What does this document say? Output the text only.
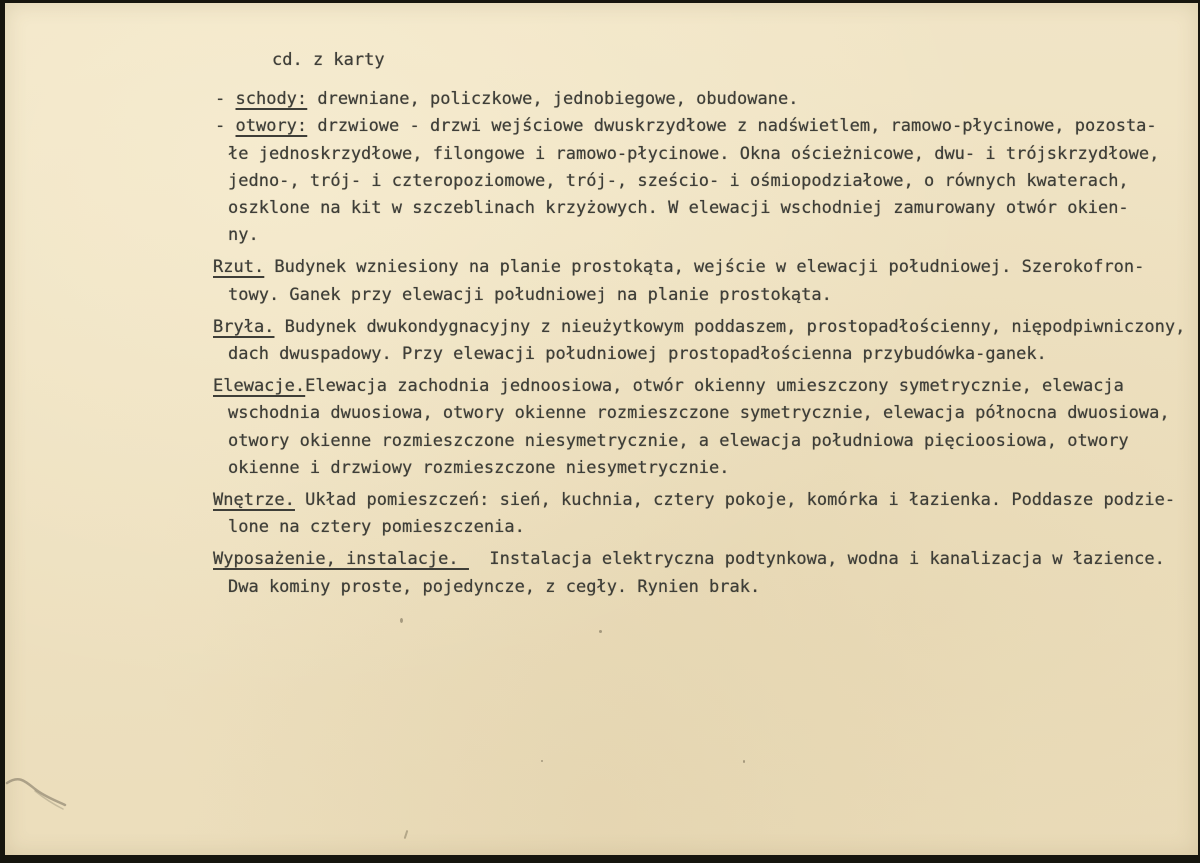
cd. z karty
- schody: drewniane, policzkowe, jednobiegowe, obudowane.
- otwory: drzwiowe - drzwi wejściowe dwuskrzydłowe z nadświetlem, ramowo-płycinowe, pozosta-
łe jednoskrzydłowe, filongowe i ramowo-płycinowe. Okna ościeżnicowe, dwu- i trójskrzydłowe,
jedno-, trój- i czteropoziomowe, trój-, sześcio- i ośmiopodziałowe, o równych kwaterach,
oszklone na kit w szczeblinach krzyżowych. W elewacji wschodniej zamurowany otwór okien-
ny.
Rzut. Budynek wzniesiony na planie prostokąta, wejście w elewacji południowej. Szerokofron-
towy. Ganek przy elewacji południowej na planie prostokąta.
Bryła. Budynek dwukondygnacyjny z nieużytkowym poddaszem, prostopadłościenny, niępodpiwniczony,
dach dwuspadowy. Przy elewacji południowej prostopadłościenna przybudówka-ganek.
Elewacje.Elewacja zachodnia jednoosiowa, otwór okienny umieszczony symetrycznie, elewacja
wschodnia dwuosiowa, otwory okienne rozmieszczone symetrycznie, elewacja północna dwuosiowa,
otwory okienne rozmieszczone niesymetrycznie, a elewacja południowa pięcioosiowa, otwory
okienne i drzwiowy rozmieszczone niesymetrycznie.
Wnętrze. Układ pomieszczeń: sień, kuchnia, cztery pokoje, komórka i łazienka. Poddasze podzie-
lone na cztery pomieszczenia.
Wyposażenie, instalacje.   Instalacja elektryczna podtynkowa, wodna i kanalizacja w łazience.
Dwa kominy proste, pojedyncze, z cegły. Rynien brak.
